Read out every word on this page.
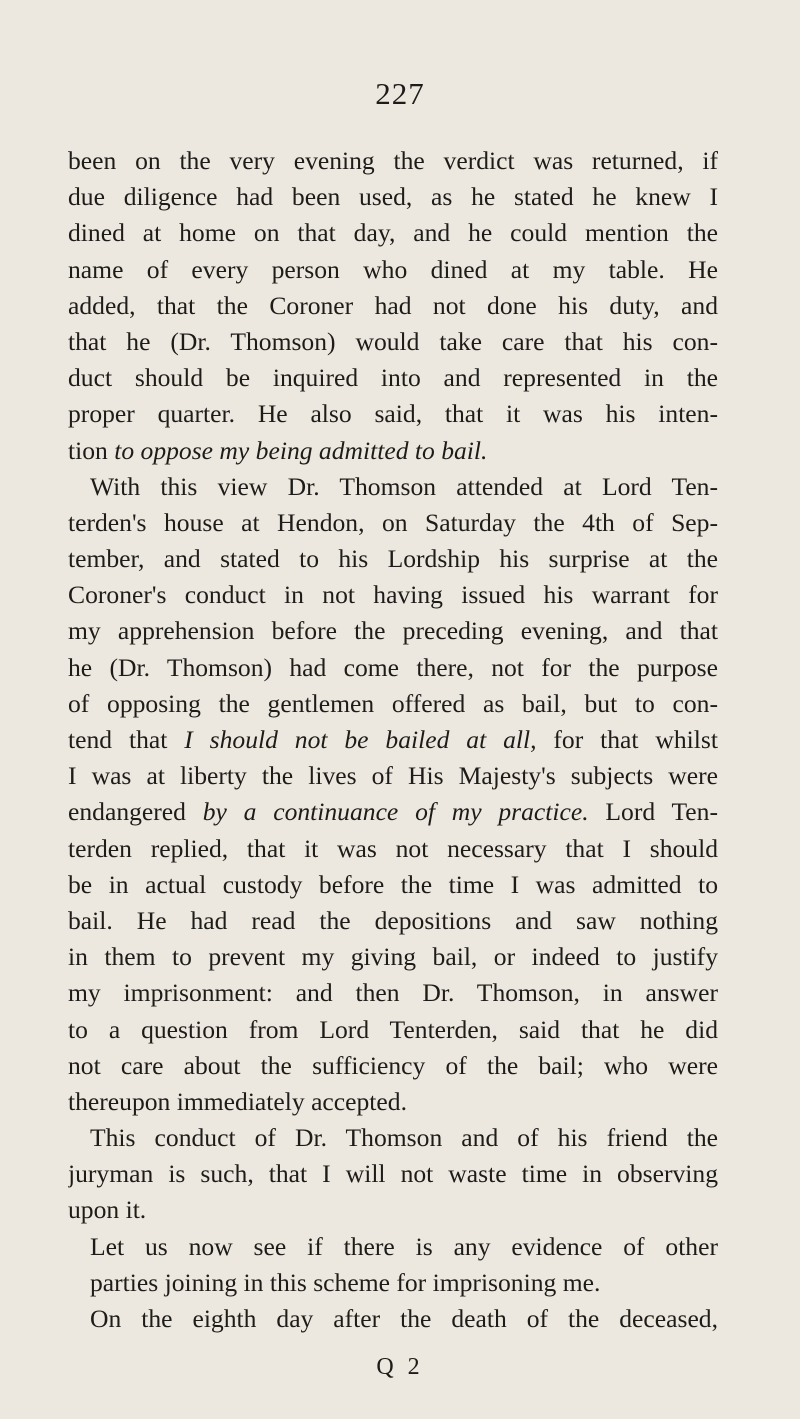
227
been on the very evening the verdict was returned, if
due diligence had been used, as he stated he knew I
dined at home on that day, and he could mention the
name of every person who dined at my table. He
added, that the Coroner had not done his duty, and
that he (Dr. Thomson) would take care that his con-
duct should be inquired into and represented in the
proper quarter. He also said, that it was his inten-
tion to oppose my being admitted to bail.
With this view Dr. Thomson attended at Lord Ten-
terden's house at Hendon, on Saturday the 4th of Sep-
tember, and stated to his Lordship his surprise at the
Coroner's conduct in not having issued his warrant for
my apprehension before the preceding evening, and that
he (Dr. Thomson) had come there, not for the purpose
of opposing the gentlemen offered as bail, but to con-
tend that I should not be bailed at all, for that whilst
I was at liberty the lives of His Majesty's subjects were
endangered by a continuance of my practice. Lord Ten-
terden replied, that it was not necessary that I should
be in actual custody before the time I was admitted to
bail. He had read the depositions and saw nothing
in them to prevent my giving bail, or indeed to justify
my imprisonment: and then Dr. Thomson, in answer
to a question from Lord Tenterden, said that he did
not care about the sufficiency of the bail; who were
thereupon immediately accepted.
This conduct of Dr. Thomson and of his friend the
juryman is such, that I will not waste time in observing
upon it.
Let us now see if there is any evidence of other
parties joining in this scheme for imprisoning me.
On the eighth day after the death of the deceased,
Q 2
